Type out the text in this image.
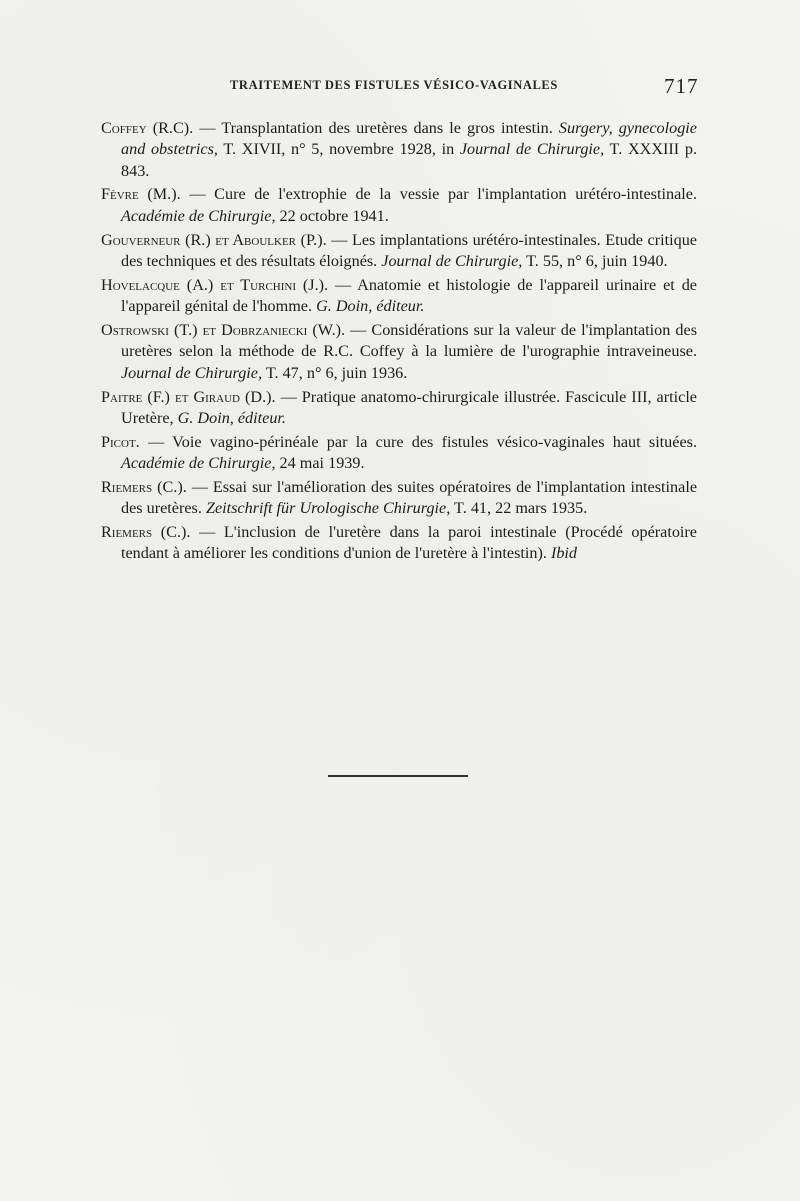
TRAITEMENT DES FISTULES VÉSICO-VAGINALES	717

Coffey (R.C). — Transplantation des uretères dans le gros intestin. Surgery, gynecologie and obstetrics, T. XIVII, n° 5, novembre 1928, in Journal de Chirurgie, T. XXXIII p. 843.

Fèvre (M.). — Cure de l'extrophie de la vessie par l'implantation urétéro-intestinale. Académie de Chirurgie, 22 octobre 1941.

Gouverneur (R.) et Aboulker (P.). — Les implantations urétéro-intestinales. Etude critique des techniques et des résultats éloignés. Journal de Chirurgie, T. 55, n° 6, juin 1940.

Hovelacque (A.) et Turchini (J.). — Anatomie et histologie de l'appareil urinaire et de l'appareil génital de l'homme. G. Doin, éditeur.

Ostrowski (T.) et Dobrzaniecki (W.). — Considérations sur la valeur de l'implantation des uretères selon la méthode de R.C. Coffey à la lumière de l'urographie intraveineuse. Journal de Chirurgie, T. 47, n° 6, juin 1936.

Paitre (F.) et Giraud (D.). — Pratique anatomo-chirurgicale illustrée. Fascicule III, article Uretère, G. Doin, éditeur.

Picot. — Voie vagino-périnéale par la cure des fistules vésico-vaginales haut situées. Académie de Chirurgie, 24 mai 1939.

Riemers (C.). — Essai sur l'amélioration des suites opératoires de l'implantation intestinale des uretères. Zeitschrift für Urologische Chirurgie, T. 41, 22 mars 1935.

Riemers (C.). — L'inclusion de l'uretère dans la paroi intestinale (Procédé opératoire tendant à améliorer les conditions d'union de l'uretère à l'intestin). Ibid
